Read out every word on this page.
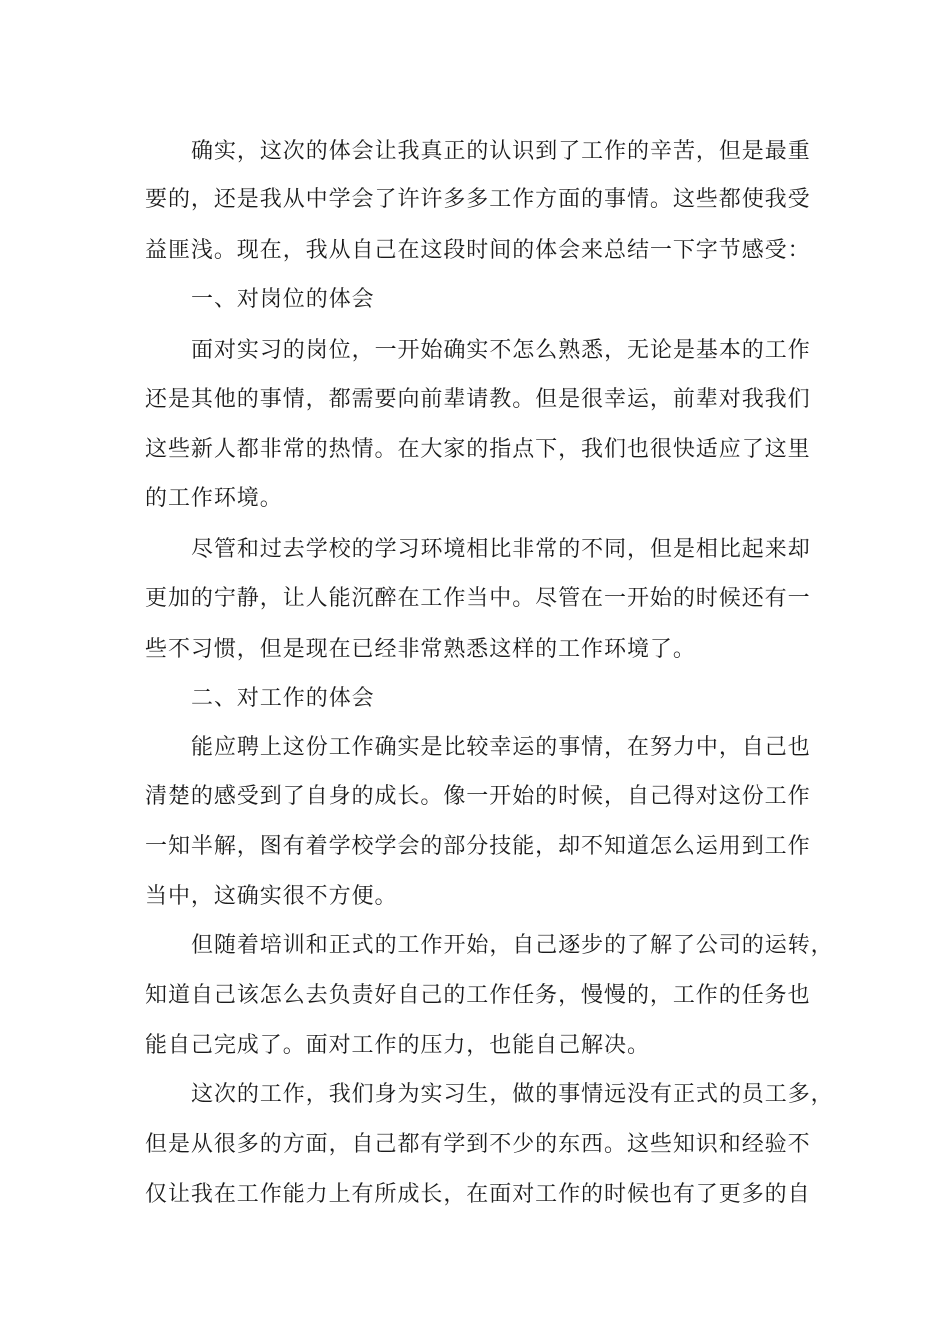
确实，这次的体会让我真正的认识到了工作的辛苦，但是最重
要的，还是我从中学会了许许多多工作方面的事情。这些都使我受
益匪浅。现在，我从自己在这段时间的体会来总结一下字节感受：
一、对岗位的体会
面对实习的岗位，一开始确实不怎么熟悉，无论是基本的工作
还是其他的事情，都需要向前辈请教。但是很幸运，前辈对我我们
这些新人都非常的热情。在大家的指点下，我们也很快适应了这里
的工作环境。
尽管和过去学校的学习环境相比非常的不同，但是相比起来却
更加的宁静，让人能沉醉在工作当中。尽管在一开始的时候还有一
些不习惯，但是现在已经非常熟悉这样的工作环境了。
二、对工作的体会
能应聘上这份工作确实是比较幸运的事情，在努力中，自己也
清楚的感受到了自身的成长。像一开始的时候，自己得对这份工作
一知半解，图有着学校学会的部分技能，却不知道怎么运用到工作
当中，这确实很不方便。
但随着培训和正式的工作开始，自己逐步的了解了公司的运转，
知道自己该怎么去负责好自己的工作任务，慢慢的，工作的任务也
能自己完成了。面对工作的压力，也能自己解决。
这次的工作，我们身为实习生，做的事情远没有正式的员工多，
但是从很多的方面，自己都有学到不少的东西。这些知识和经验不
仅让我在工作能力上有所成长，在面对工作的时候也有了更多的自
